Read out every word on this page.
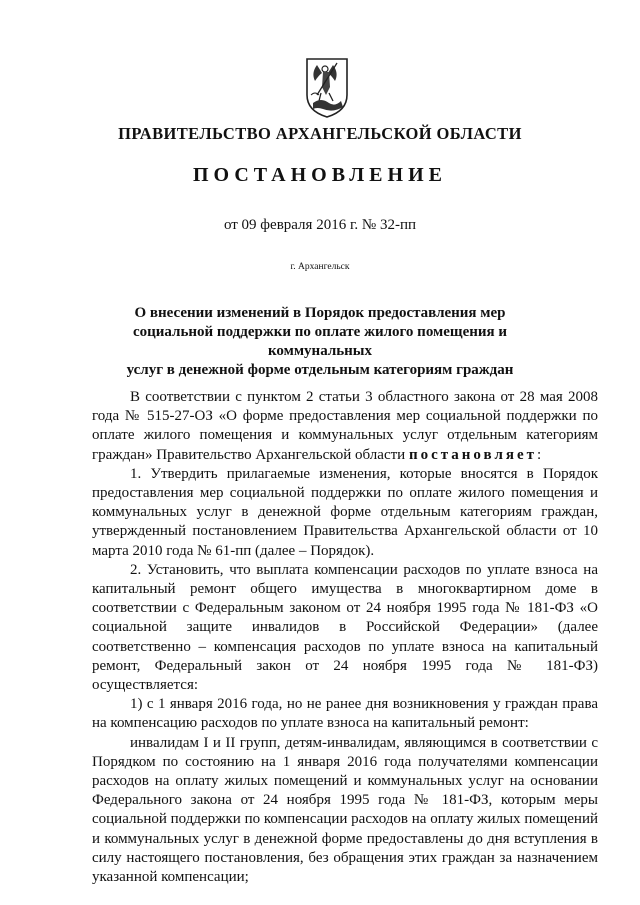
ПРАВИТЕЛЬСТВО АРХАНГЕЛЬСКОЙ ОБЛАСТИ
ПОСТАНОВЛЕНИЕ
от 09 февраля 2016 г. № 32-пп
г. Архангельск
О внесении изменений в Порядок предоставления мер
социальной поддержки по оплате жилого помещения и коммунальных
услуг в денежной форме отдельным категориям граждан

В соответствии с пунктом 2 статьи 3 областного закона от 28 мая 2008 года № 515-27-ОЗ «О форме предоставления мер социальной поддержки по оплате жилого помещения и коммунальных услуг отдельным категориям граждан» Правительство Архангельской области постановляет:

1. Утвердить прилагаемые изменения, которые вносятся в Порядок предоставления мер социальной поддержки по оплате жилого помещения и коммунальных услуг в денежной форме отдельным категориям граждан, утвержденный постановлением Правительства Архангельской области от 10 марта 2010 года № 61-пп (далее – Порядок).

2. Установить, что выплата компенсации расходов по уплате взноса на капитальный ремонт общего имущества в многоквартирном доме в соответствии с Федеральным законом от 24 ноября 1995 года № 181-ФЗ «О социальной защите инвалидов в Российской Федерации» (далее соответственно – компенсация расходов по уплате взноса на капитальный ремонт, Федеральный закон от 24 ноября 1995 года № 181-ФЗ) осуществляется:

1) с 1 января 2016 года, но не ранее дня возникновения у граждан права на компенсацию расходов по уплате взноса на капитальный ремонт:

инвалидам I и II групп, детям-инвалидам, являющимся в соответствии с Порядком по состоянию на 1 января 2016 года получателями компенсации расходов на оплату жилых помещений и коммунальных услуг на основании Федерального закона от 24 ноября 1995 года № 181-ФЗ, которым меры социальной поддержки по компенсации расходов на оплату жилых помещений и коммунальных услуг в денежной форме предоставлены до дня вступления в силу настоящего постановления, без обращения этих граждан за назначением указанной компенсации;
